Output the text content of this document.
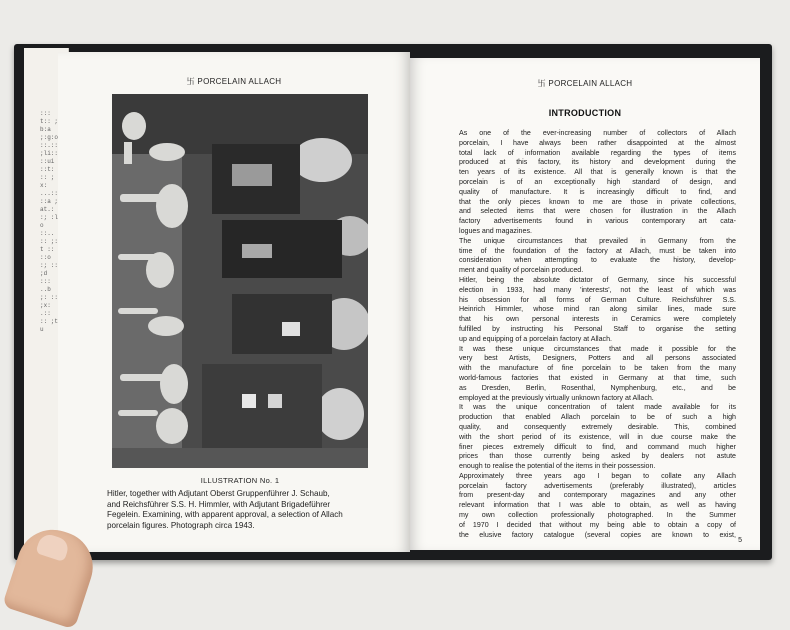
:::t:: ;b:a ;:g:o ::.:: ;li:: ::ui ::t: :: ;x: ...:: ::a ;at.: :; :lo ::.. :: ;:t :: ::o :; :: ;d ::: ..b ;: :: ;x: .:: :: ;tu
卐 PORCELAIN ALLACH
ILLUSTRATION No. 1

Hitler, together with Adjutant Oberst Gruppenführer J. Schaub,
and Reichsführer S.S. H. Himmler, with Adjutant Brigadeführer
Fegelein. Examining, with apparent approval, a selection of Allach
porcelain figures. Photograph circa 1943.

卐 PORCELAIN ALLACH
INTRODUCTION
As one of the ever-increasing number of collectors of Allach
porcelain, I have always been rather disappointed at the almost
total lack of information available regarding the types of items
produced at this factory, its history and development during the
ten years of its existence. All that is generally known is that the
porcelain is of an exceptionally high standard of design, and
quality of manufacture. It is increasingly difficult to find, and
that the only pieces known to me are those in private collections,
and selected items that were chosen for illustration in the Allach
factory advertisements found in various contemporary art cata-
logues and magazines.
The unique circumstances that prevailed in Germany from the
time of the foundation of the factory at Allach, must be taken into
consideration when attempting to evaluate the history, develop-
ment and quality of porcelain produced.
Hitler, being the absolute dictator of Germany, since his successful
election in 1933, had many 'interests', not the least of which was
his obsession for all forms of German Culture. Reichsführer S.S.
Heinrich Himmler, whose mind ran along similar lines, made sure
that his own personal interests in Ceramics were completely
fulfilled by instructing his Personal Staff to organise the setting
up and equipping of a porcelain factory at Allach.
It was these unique circumstances that made it possible for the
very best Artists, Designers, Potters and all persons associated
with the manufacture of fine porcelain to be taken from the many
world-famous factories that existed in Germany at that time, such
as Dresden, Berlin, Rosenthal, Nymphenburg, etc., and be
employed at the previously virtually unknown factory at Allach.
It was the unique concentration of talent made available for its
production that enabled Allach porcelain to be of such a high
quality, and consequently extremely desirable. This, combined
with the short period of its existence, will in due course make the
finer pieces extremely difficult to find, and command much higher
prices than those currently being asked by dealers not astute
enough to realise the potential of the items in their possession.
Approximately three years ago I began to collate any Allach
porcelain factory advertisements (preferably illustrated), articles
from present-day and contemporary magazines and any other
relevant information that I was able to obtain, as well as having
my own collection professionally photographed. In the Summer
of 1970 I decided that without my being able to obtain a copy of
the elusive factory catalogue (several copies are known to exist,
5
